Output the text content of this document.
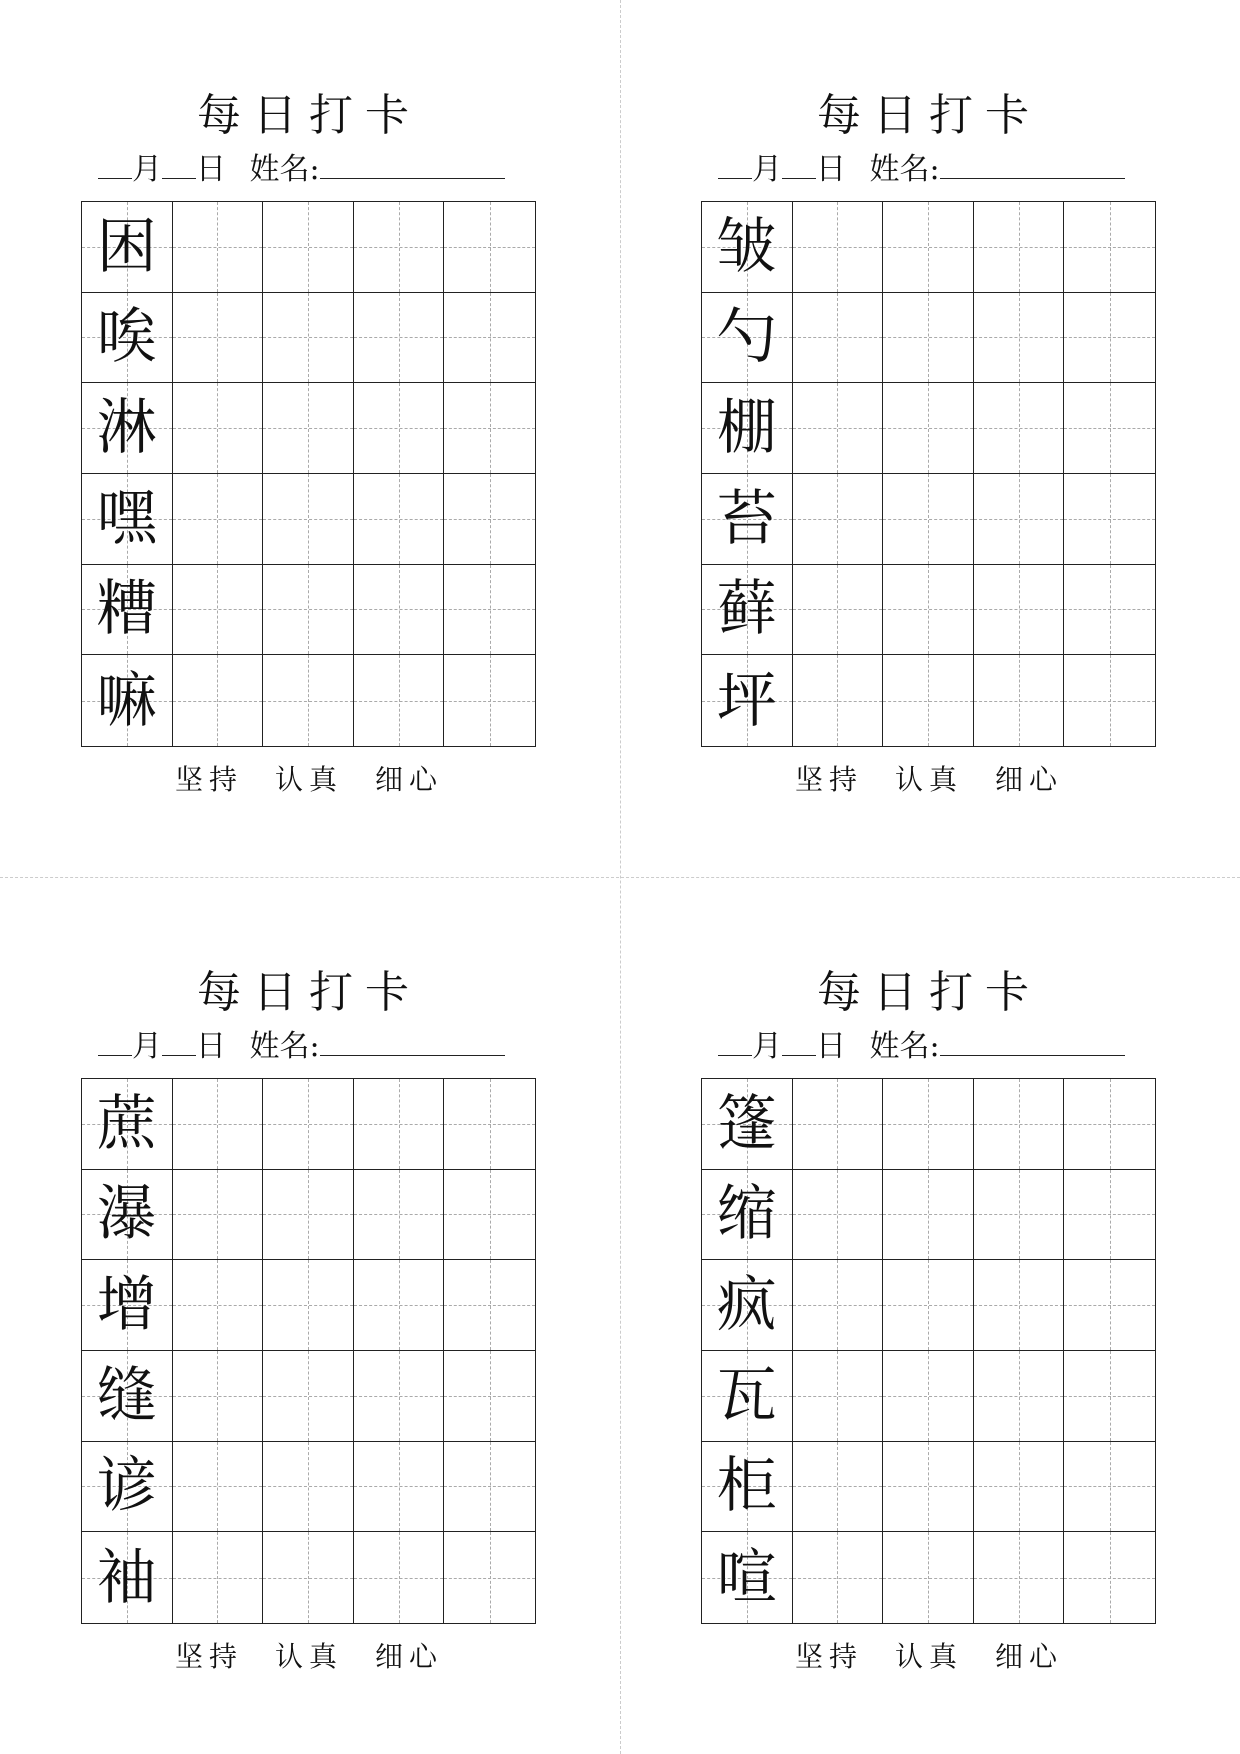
每日打卡
月 日 姓名:
困
唉
淋
嘿
糟
嘛
坚持 认真 细心
每日打卡
月 日 姓名:
皱
勺
棚
苔
藓
坪
坚持 认真 细心
每日打卡
月 日 姓名:
蔗
瀑
增
缝
谚
袖
坚持 认真 细心
每日打卡
月 日 姓名:
篷
缩
疯
瓦
柜
喧
坚持 认真 细心
